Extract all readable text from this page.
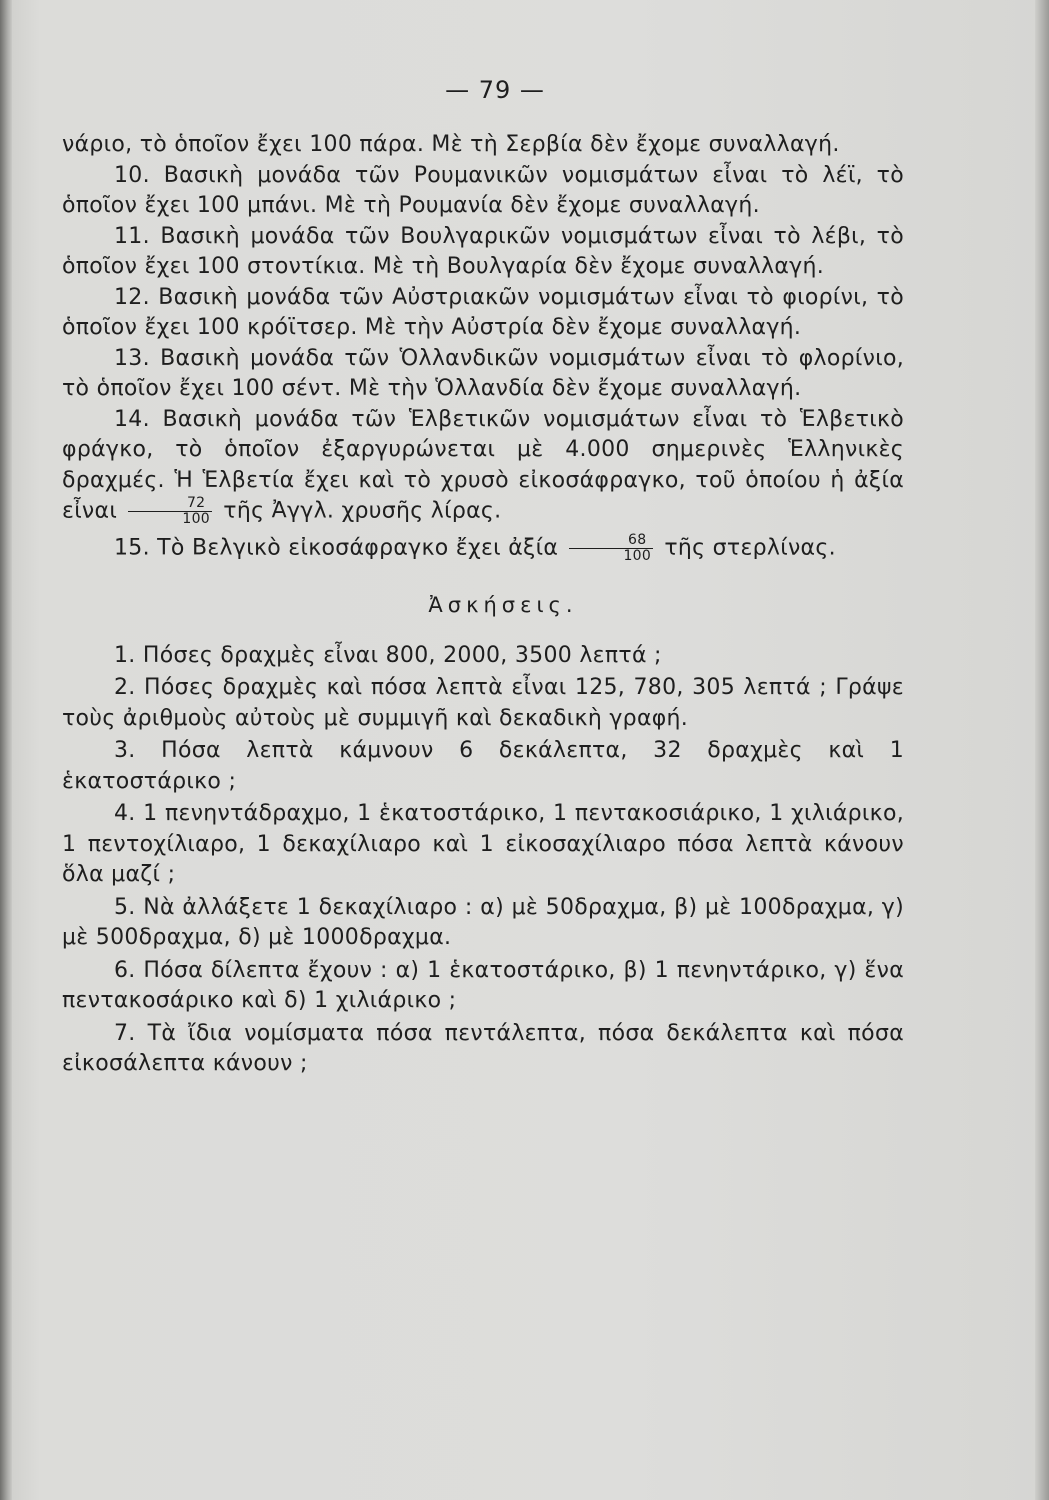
— 79 —

νάριο, τὸ ὁποῖον ἔχει 100 πάρα. Μὲ τὴ Σερβία δὲν ἔχομε συναλλαγή.

10. Βασικὴ μονάδα τῶν Ρουμανικῶν νομισμάτων εἶναι τὸ λέϊ, τὸ ὁποῖον ἔχει 100 μπάνι. Μὲ τὴ Ρουμανία δὲν ἔχομε συναλλαγή.

11. Βασικὴ μονάδα τῶν Βουλγαρικῶν νομισμάτων εἶναι τὸ λέβι, τὸ ὁποῖον ἔχει 100 στοντίκια. Μὲ τὴ Βουλγαρία δὲν ἔχομε συναλλαγή.

12. Βασικὴ μονάδα τῶν Αὐστριακῶν νομισμάτων εἶναι τὸ φιορίνι, τὸ ὁποῖον ἔχει 100 κρόϊτσερ. Μὲ τὴν Αὐστρία δὲν ἔχομε συναλλαγή.

13. Βασικὴ μονάδα τῶν Ὁλλανδικῶν νομισμάτων εἶναι τὸ φλορίνιο, τὸ ὁποῖον ἔχει 100 σέντ. Μὲ τὴν Ὁλλανδία δὲν ἔχομε συναλλαγή.

14. Βασικὴ μονάδα τῶν Ἑλβετικῶν νομισμάτων εἶναι τὸ Ἑλβετικὸ φράγκο, τὸ ὁποῖον ἐξαργυρώνεται μὲ 4.000 σημερινὲς Ἑλληνικὲς δραχμές. Ἡ Ἑλβετία ἔχει καὶ τὸ χρυσὸ εἰκοσάφραγκο, τοῦ ὁποίου ἡ ἀξία εἶναι $\frac{72}{100}$ τῆς Ἀγγλ. χρυσῆς λίρας.

15. Τὸ Βελγικὸ εἰκοσάφραγκο ἔχει ἀξία $\frac{68}{100}$ τῆς στερλίνας.

Ἀσκήσεις.

1. Πόσες δραχμὲς εἶναι 800, 2000, 3500 λεπτά ;

2. Πόσες δραχμὲς καὶ πόσα λεπτὰ εἶναι 125, 780, 305 λεπτά ; Γράψε τοὺς ἀριθμοὺς αὐτοὺς μὲ συμμιγῆ καὶ δεκαδικὴ γραφή.

3. Πόσα λεπτὰ κάμνουν 6 δεκάλεπτα, 32 δραχμὲς καὶ 1 ἑκατοστάρικο ;

4. 1 πενηντάδραχμο, 1 ἑκατοστάρικο, 1 πεντακοσιάρικο, 1 χιλιάρικο, 1 πεντοχίλιαρο, 1 δεκαχίλιαρο καὶ 1 εἰκοσαχίλιαρο πόσα λεπτὰ κάνουν ὅλα μαζί ;

5. Νὰ ἀλλάξετε 1 δεκαχίλιαρο : α) μὲ 50δραχμα, β) μὲ 100δραχμα, γ) μὲ 500δραχμα, δ) μὲ 1000δραχμα.

6. Πόσα δίλεπτα ἔχουν : α) 1 ἑκατοστάρικο, β) 1 πενηντάρικο, γ) ἕνα πεντακοσάρικο καὶ δ) 1 χιλιάρικο ;

7. Τὰ ἴδια νομίσματα πόσα πεντάλεπτα, πόσα δεκάλεπτα καὶ πόσα εἰκοσάλεπτα κάνουν ;
